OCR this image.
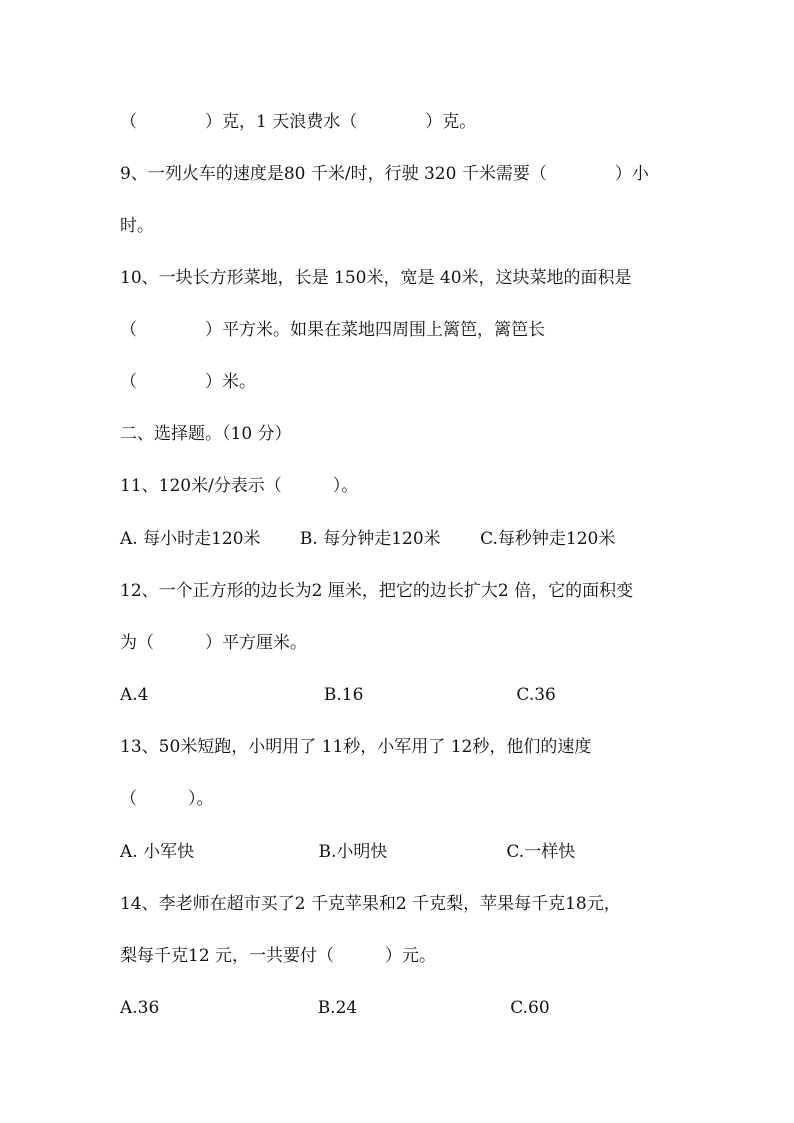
（　　　　）克，1 天浪费水（　　　　）克。
9、一列火车的速度是80 千米/时，行驶 320 千米需要（　　　　）小
时。
10、一块长方形菜地，长是 150米，宽是 40米，这块菜地的面积是
（　　　　）平方米。如果在菜地四周围上篱笆，篱笆长
（　　　　）米。
二、选择题。（10 分）
11、120米/分表示（　　　）。
A. 每小时走120米　　 B. 每分钟走120米　　 C.每秒钟走120米
12、一个正方形的边长为2 厘米，把它的边长扩大2 倍，它的面积变
为（　　　）平方厘米。
A.4　　　　　　　　　　 B.16　　　　　　　　　C.36
13、50米短跑，小明用了 11秒，小军用了 12秒，他们的速度
（　　　）。
A. 小军快　　　　　　　 B.小明快　　　　　　　C.一样快
14、李老师在超市买了2 千克苹果和2 千克梨，苹果每千克18元，
梨每千克12 元，一共要付（　　　）元。
A.36　　　　　　　　　 B.24　　　　　　　　　C.60
